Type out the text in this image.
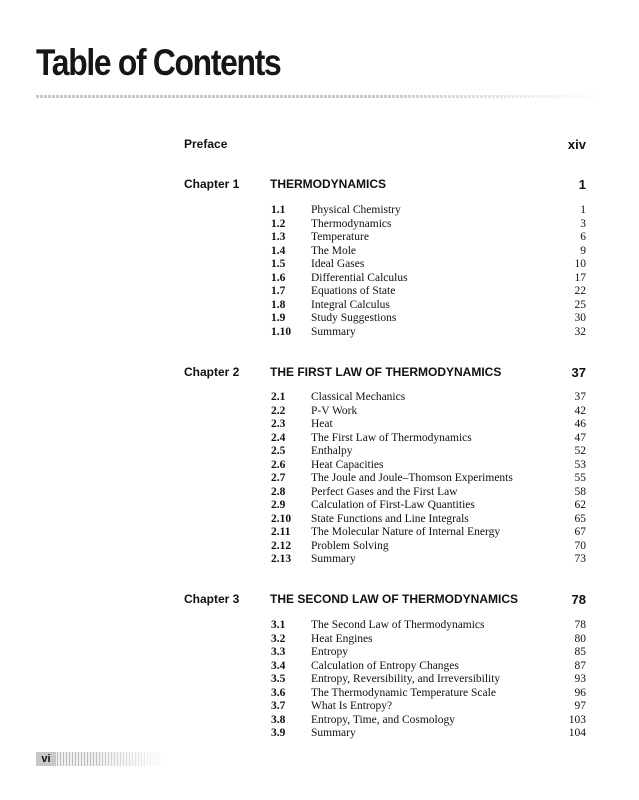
Table of Contents
Preface	xiv
Chapter 1	THERMODYNAMICS	1
1.1 Physical Chemistry	1
1.2 Thermodynamics	3
1.3 Temperature	6
1.4 The Mole	9
1.5 Ideal Gases	10
1.6 Differential Calculus	17
1.7 Equations of State	22
1.8 Integral Calculus	25
1.9 Study Suggestions	30
1.10 Summary	32
Chapter 2	THE FIRST LAW OF THERMODYNAMICS	37
2.1 Classical Mechanics	37
2.2 P-V Work	42
2.3 Heat	46
2.4 The First Law of Thermodynamics	47
2.5 Enthalpy	52
2.6 Heat Capacities	53
2.7 The Joule and Joule–Thomson Experiments	55
2.8 Perfect Gases and the First Law	58
2.9 Calculation of First-Law Quantities	62
2.10 State Functions and Line Integrals	65
2.11 The Molecular Nature of Internal Energy	67
2.12 Problem Solving	70
2.13 Summary	73
Chapter 3	THE SECOND LAW OF THERMODYNAMICS	78
3.1 The Second Law of Thermodynamics	78
3.2 Heat Engines	80
3.3 Entropy	85
3.4 Calculation of Entropy Changes	87
3.5 Entropy, Reversibility, and Irreversibility	93
3.6 The Thermodynamic Temperature Scale	96
3.7 What Is Entropy?	97
3.8 Entropy, Time, and Cosmology	103
3.9 Summary	104
vi
